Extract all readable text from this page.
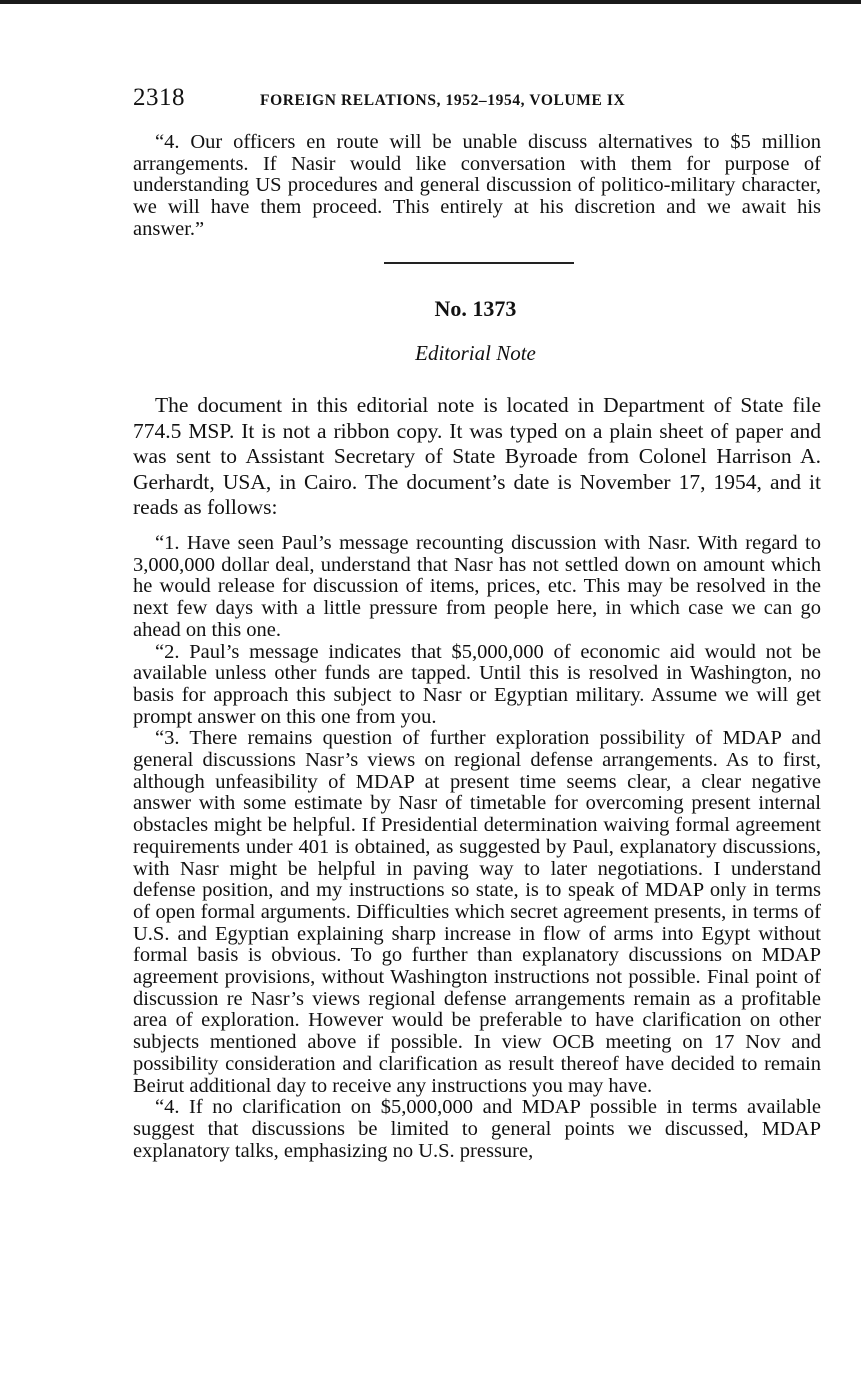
2318	FOREIGN RELATIONS, 1952–1954, VOLUME IX

“4. Our officers en route will be unable discuss alternatives to $5 million arrangements. If Nasir would like conversation with them for purpose of understanding US procedures and general discussion of politico-military character, we will have them proceed. This entirely at his discretion and we await his answer.”

No. 1373
Editorial Note

The document in this editorial note is located in Department of State file 774.5 MSP. It is not a ribbon copy. It was typed on a plain sheet of paper and was sent to Assistant Secretary of State Byroade from Colonel Harrison A. Gerhardt, USA, in Cairo. The document’s date is November 17, 1954, and it reads as follows:

“1. Have seen Paul’s message recounting discussion with Nasr. With regard to 3,000,000 dollar deal, understand that Nasr has not settled down on amount which he would release for discussion of items, prices, etc. This may be resolved in the next few days with a little pressure from people here, in which case we can go ahead on this one.

“2. Paul’s message indicates that $5,000,000 of economic aid would not be available unless other funds are tapped. Until this is resolved in Washington, no basis for approach this subject to Nasr or Egyptian military. Assume we will get prompt answer on this one from you.

“3. There remains question of further exploration possibility of MDAP and general discussions Nasr’s views on regional defense arrangements. As to first, although unfeasibility of MDAP at present time seems clear, a clear negative answer with some estimate by Nasr of timetable for overcoming present internal obstacles might be helpful. If Presidential determination waiving formal agreement requirements under 401 is obtained, as suggested by Paul, explanatory discussions, with Nasr might be helpful in paving way to later negotiations. I understand defense position, and my instructions so state, is to speak of MDAP only in terms of open formal arguments. Difficulties which secret agreement presents, in terms of U.S. and Egyptian explaining sharp increase in flow of arms into Egypt without formal basis is obvious. To go further than explanatory discussions on MDAP agreement provisions, without Washington instructions not possible. Final point of discussion re Nasr’s views regional defense arrangements remain as a profitable area of exploration. However would be preferable to have clarification on other subjects mentioned above if possible. In view OCB meeting on 17 Nov and possibility consideration and clarification as result thereof have decided to remain Beirut additional day to receive any instructions you may have.

“4. If no clarification on $5,000,000 and MDAP possible in terms available suggest that discussions be limited to general points we discussed, MDAP explanatory talks, emphasizing no U.S. pressure,
